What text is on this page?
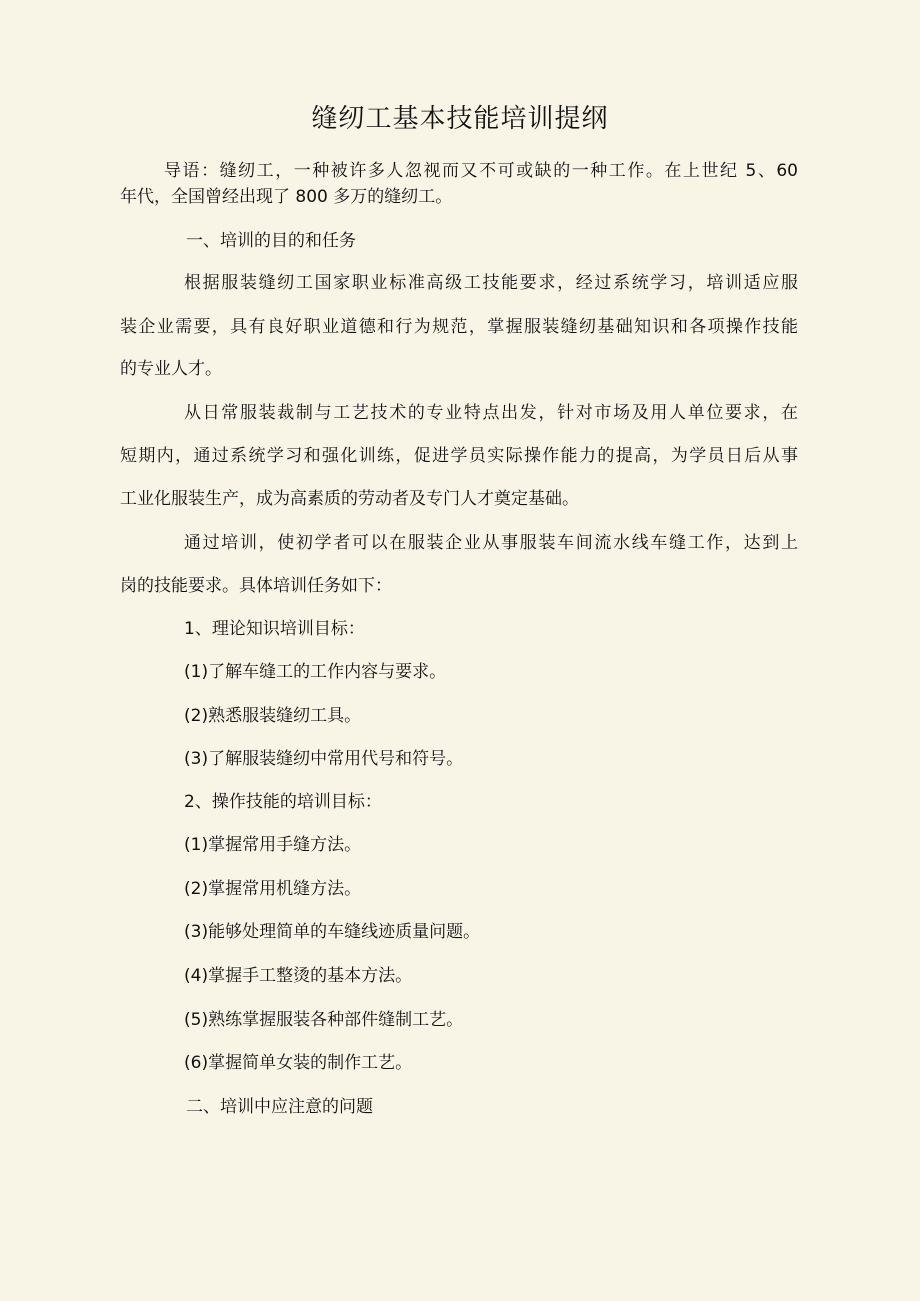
缝纫工基本技能培训提纲
导语：缝纫工，一种被许多人忽视而又不可或缺的一种工作。在上世纪 5、60
年代，全国曾经出现了 800 多万的缝纫工。
一、培训的目的和任务
根据服装缝纫工国家职业标准高级工技能要求，经过系统学习，培训适应服
装企业需要，具有良好职业道德和行为规范，掌握服装缝纫基础知识和各项操作技能
的专业人才。
从日常服装裁制与工艺技术的专业特点出发，针对市场及用人单位要求，在
短期内，通过系统学习和强化训练，促进学员实际操作能力的提高，为学员日后从事
工业化服装生产，成为高素质的劳动者及专门人才奠定基础。
通过培训，使初学者可以在服装企业从事服装车间流水线车缝工作，达到上
岗的技能要求。具体培训任务如下：
1、理论知识培训目标：
(1)了解车缝工的工作内容与要求。
(2)熟悉服装缝纫工具。
(3)了解服装缝纫中常用代号和符号。
2、操作技能的培训目标：
(1)掌握常用手缝方法。
(2)掌握常用机缝方法。
(3)能够处理简单的车缝线迹质量问题。
(4)掌握手工整烫的基本方法。
(5)熟练掌握服装各种部件缝制工艺。
(6)掌握简单女装的制作工艺。
二、培训中应注意的问题
